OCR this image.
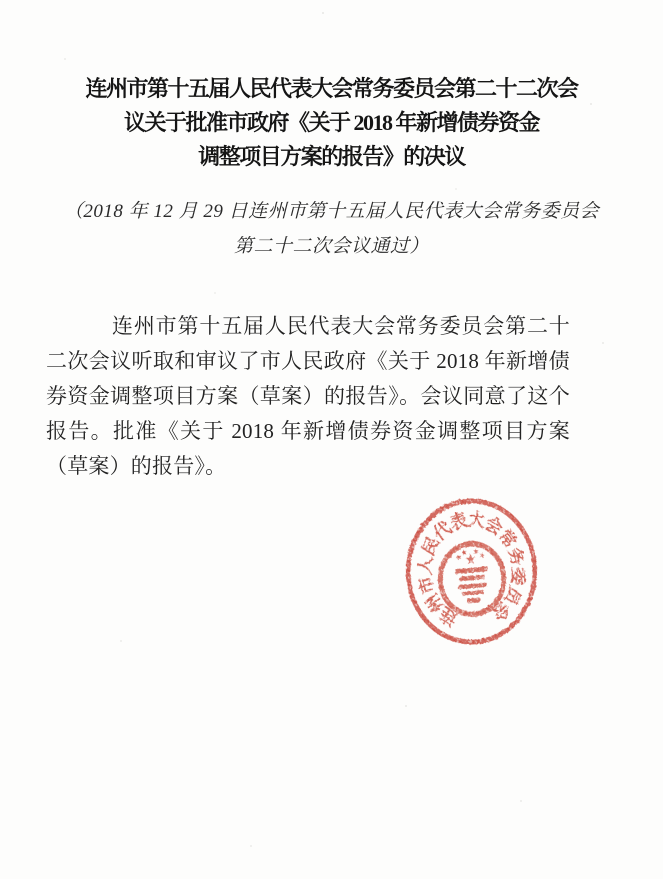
连州市第十五届人民代表大会常务委员会第二十二次会
议关于批准市政府《关于 2018 年新增债券资金
调整项目方案的报告》的决议
（2018 年 12 月 29 日连州市第十五届人民代表大会常务委员会
第二十二次会议通过）

连州市第十五届人民代表大会常务委员会第二十二次会议听取和审议了市人民政府《关于 2018 年新增债券资金调整项目方案（草案）的报告》。会议同意了这个报告。批准《关于 2018 年新增债券资金调整项目方案（草案）的报告》。

连
州
市
人
民
代
表
大
会
常
务
委
员
会
